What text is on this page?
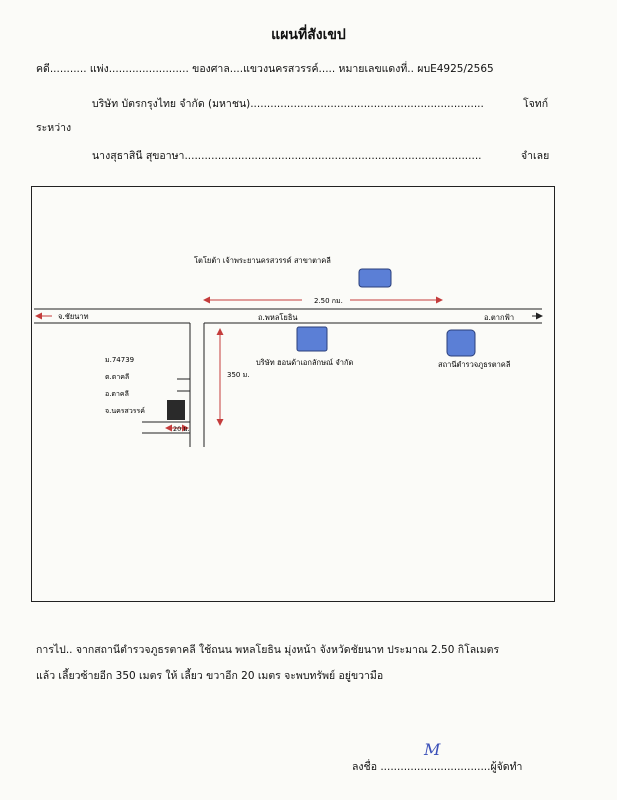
แผนที่สังเขป
คดี........... แพ่ง........................ ของศาล....แขวงนครสวรรค์..... หมายเลขแดงที่.. ผบE4925/2565
บริษัท บัตรกรุงไทย จำกัด (มหาชน)......................................................................	โจทก์
ระหว่าง
นางสุธาสินี สุขอาษา.........................................................................................	จำเลย
โตโยต้า เจ้าพระยานครสวรรค์ สาขาตาคลี
2.50 กม.
จ.ชัยนาท	ถ.พหลโยธิน	อ.ตากฟ้า
350 ม.
ม.74739
ต.ตาคลี
อ.ตาคลี
จ.นครสวรรค์
20 ม.
บริษัท ฮอนด้าเอกลักษณ์ จำกัด	สถานีตำรวจภูธรตาคลี
การไป.. จากสถานีตำรวจภูธรตาคลี ใช้ถนน พหลโยธิน มุ่งหน้า จังหวัดชัยนาท ประมาณ 2.50 กิโลเมตร
แล้ว เลี้ยวซ้ายอีก 350 เมตร ให้ เลี้ยว ขวาอีก 20 เมตร จะพบทรัพย์ อยู่ขวามือ
M
ลงชื่อ .................................ผู้จัดทำ
